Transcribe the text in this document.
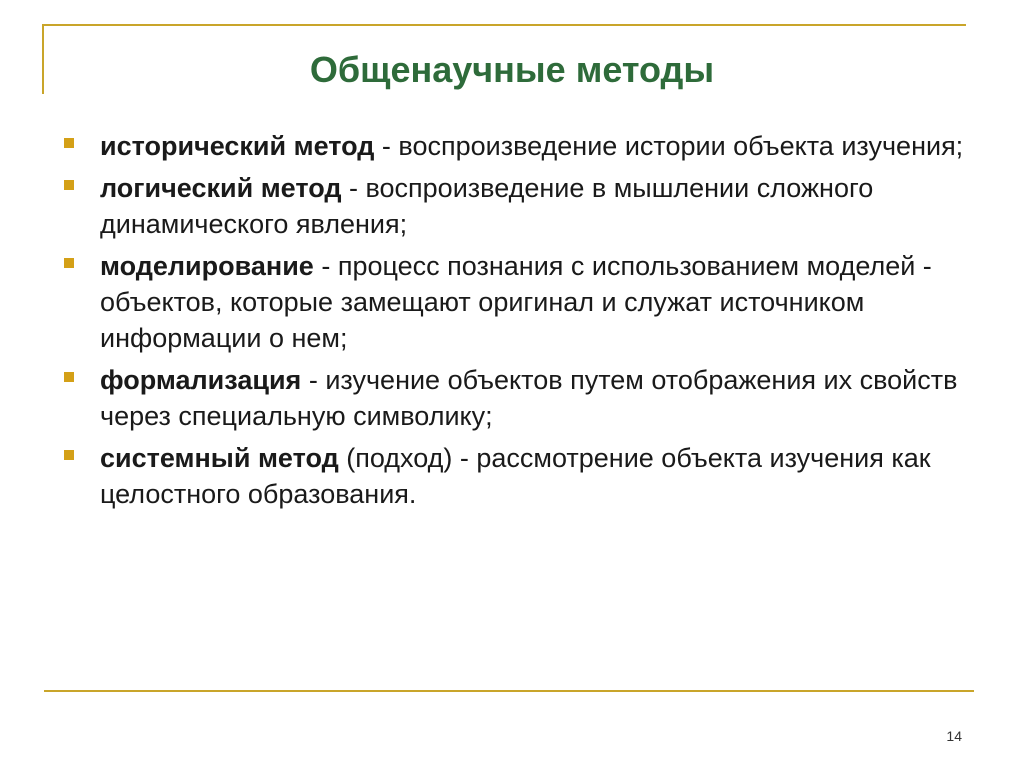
Общенаучные методы
исторический метод - воспроизведение истории объекта изучения;
логический метод - воспроизведение в мышлении сложного динамического явления;
моделирование - процесс познания с использованием моделей - объектов, которые замещают оригинал и служат источником информации о нем;
формализация - изучение объектов путем отображения их свойств через специальную символику;
системный метод (подход) - рассмотрение объекта изучения как целостного образования.
14
